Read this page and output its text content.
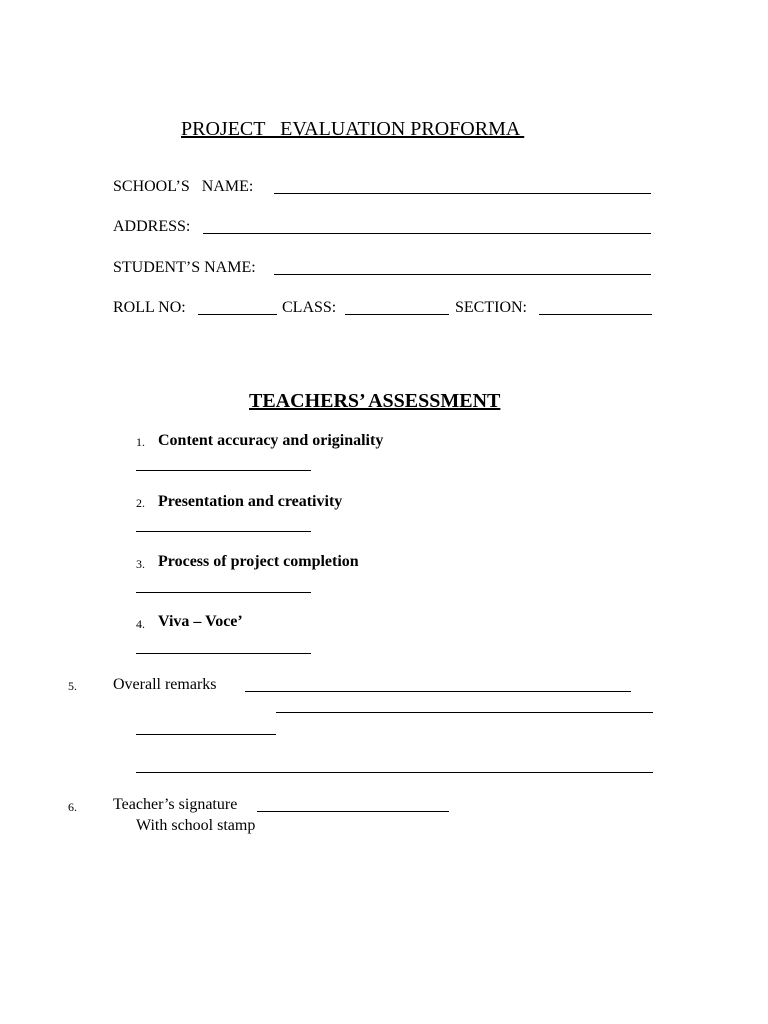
PROJECT   EVALUATION PROFORMA
SCHOOL’S   NAME:
ADDRESS:
STUDENT’S NAME:
ROLL NO:	CLASS:	SECTION:
TEACHERS’ ASSESSMENT
1. Content accuracy and originality
2. Presentation and creativity
3. Process of project completion
4. Viva – Voce’
5. Overall remarks
6. Teacher’s signature
With school stamp
